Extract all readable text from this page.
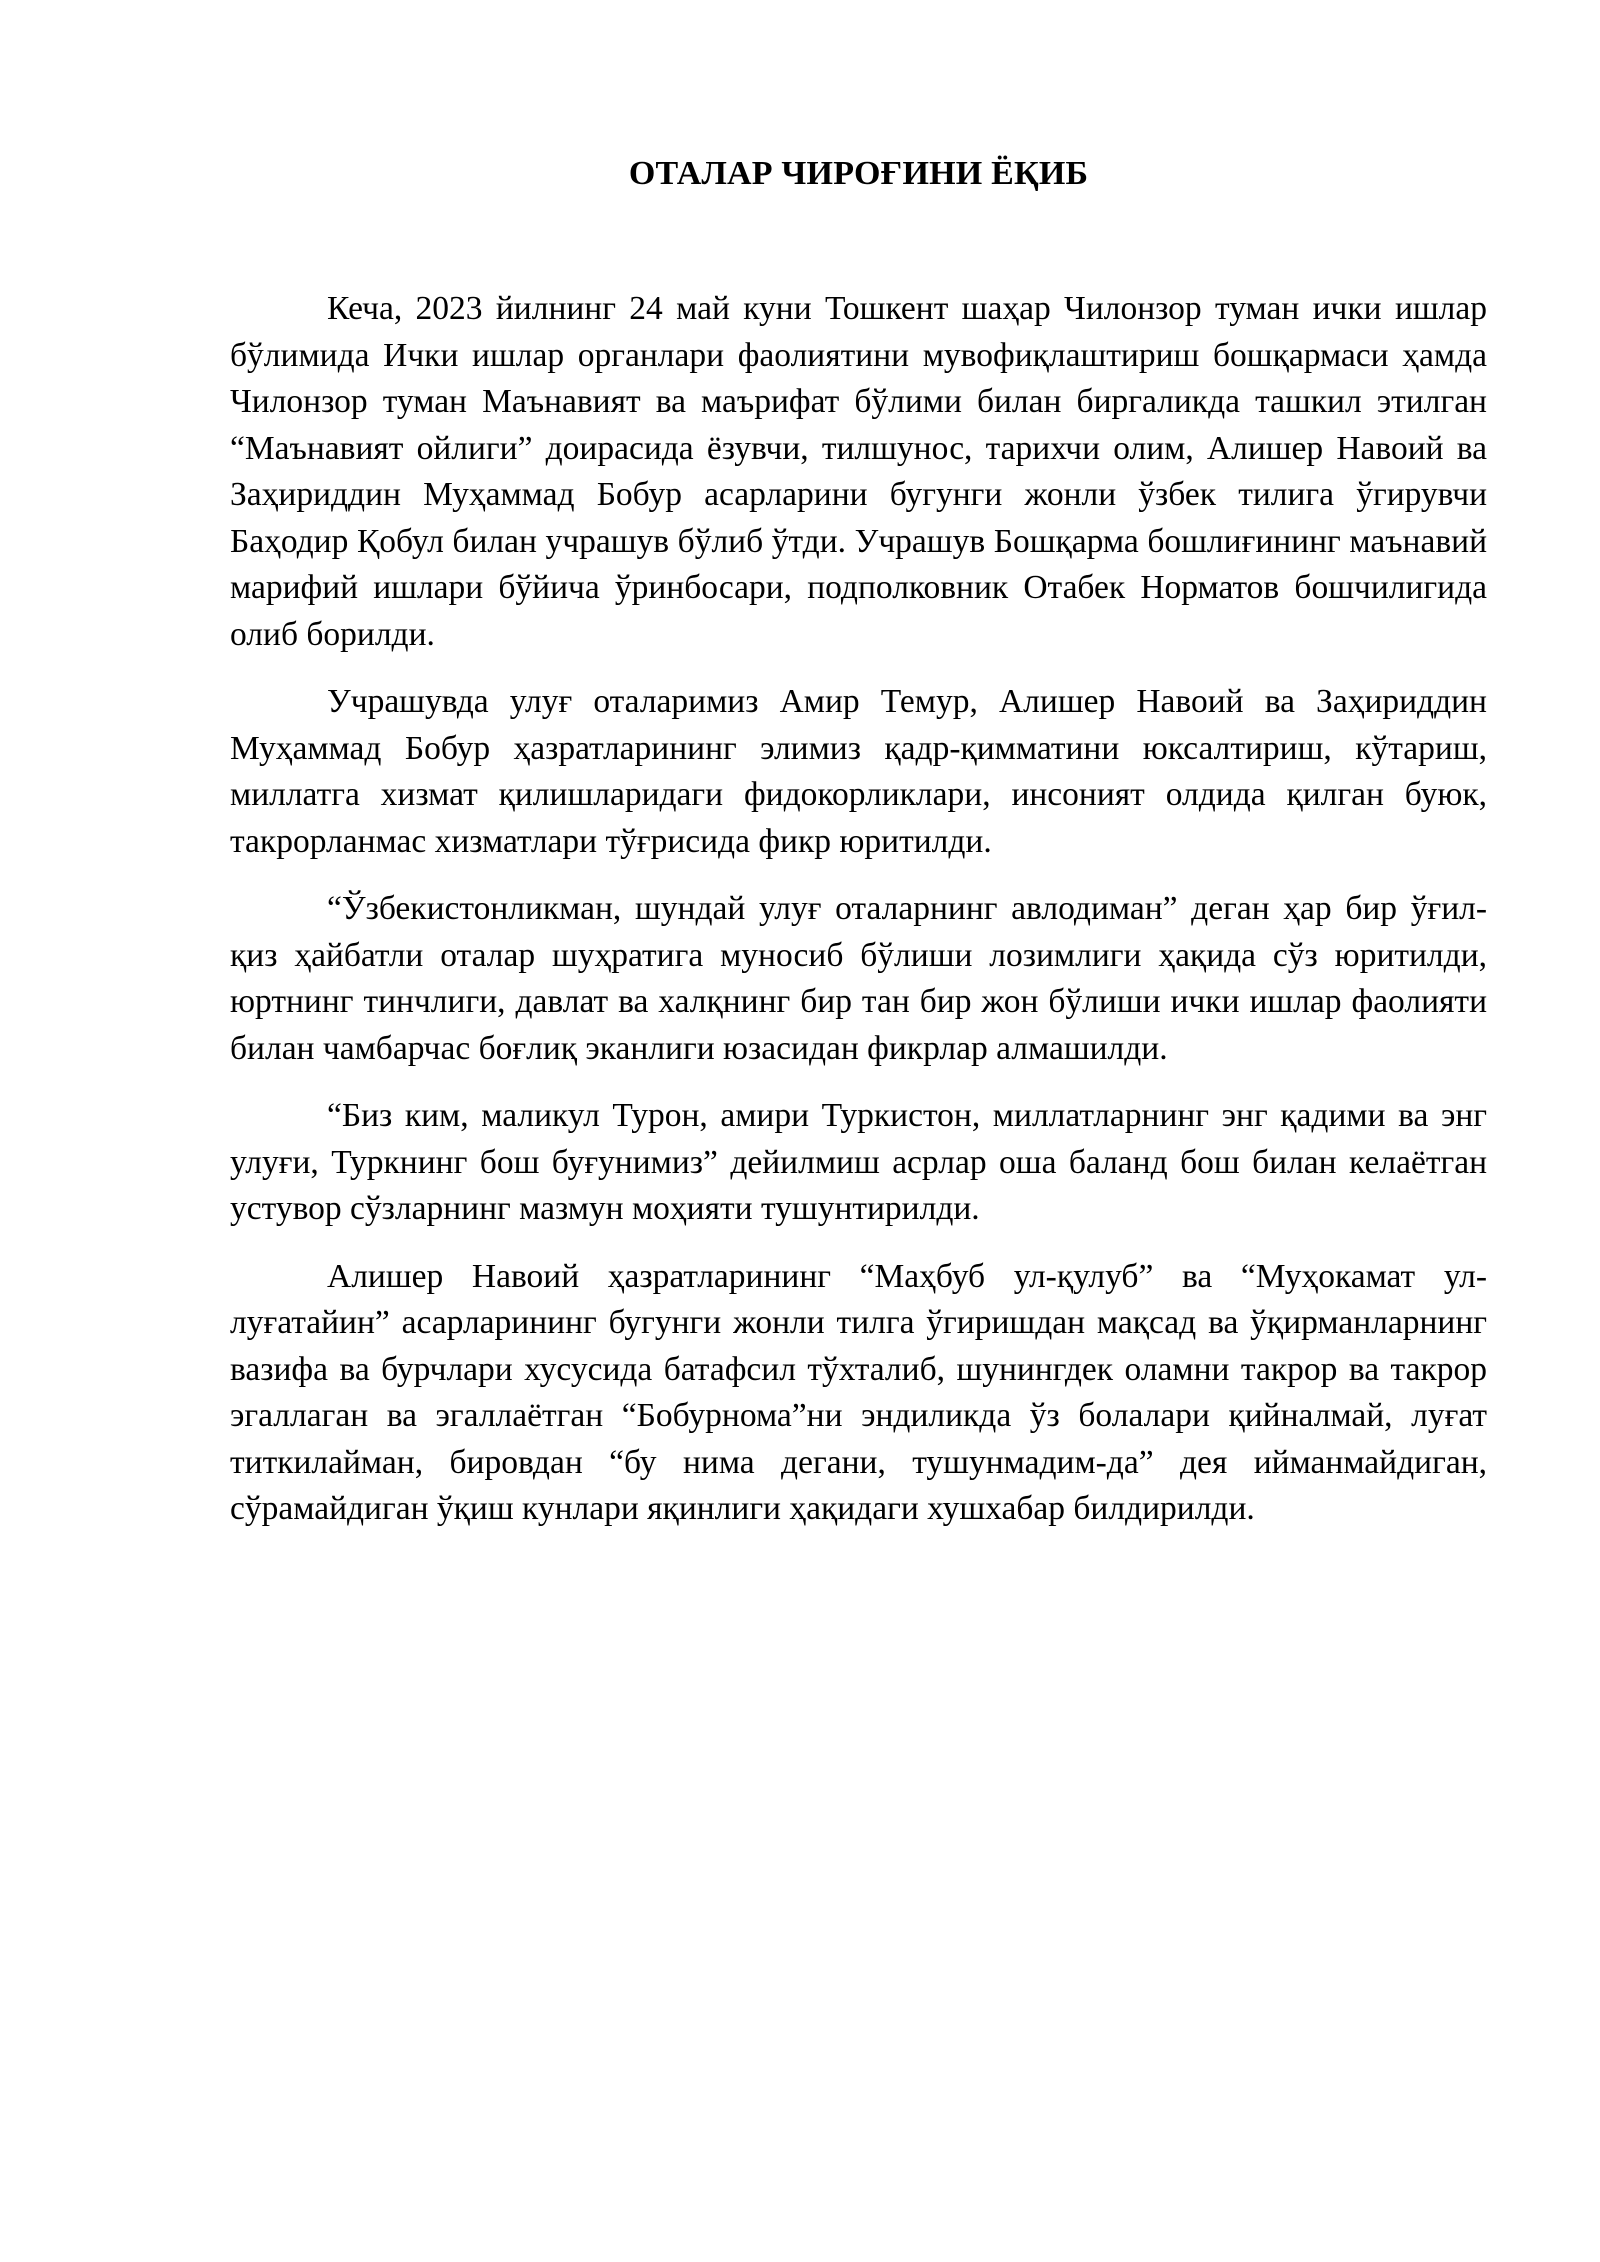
ОТАЛАР ЧИРОҒИНИ ЁҚИБ

Кеча, 2023 йилнинг 24 май куни Тошкент шаҳар Чилонзор туман ички ишлар бўлимида Ички ишлар органлари фаолиятини мувофиқлаштириш бошқармаси ҳамда Чилонзор туман Маънавият ва маърифат бўлими билан биргаликда ташкил этилган “Маънавият ойлиги” доирасида ёзувчи, тилшунос, тарихчи олим, Алишер Навоий ва Заҳириддин Муҳаммад Бобур асарларини бугунги жонли ўзбек тилига ўгирувчи Баҳодир Қобул билан учрашув бўлиб ўтди. Учрашув Бошқарма бошлиғининг маънавий марифий ишлари бўйича ўринбосари, подполковник Отабек Норматов бошчилигида олиб борилди.

Учрашувда улуғ оталаримиз Амир Темур, Алишер Навоий ва Заҳириддин Муҳаммад Бобур ҳазратларининг элимиз қадр-қимматини юксалтириш, кўтариш, миллатга хизмат қилишларидаги фидокорликлари, инсоният олдида қилган буюк, такрорланмас хизматлари тўғрисида фикр юритилди.

“Ўзбекистонликман, шундай улуғ оталарнинг авлодиман” деган ҳар бир ўғил-қиз ҳайбатли оталар шуҳратига муносиб бўлиши лозимлиги ҳақида сўз юритилди, юртнинг тинчлиги, давлат ва халқнинг бир тан бир жон бўлиши ички ишлар фаолияти билан чамбарчас боғлиқ эканлиги юзасидан фикрлар алмашилди.

“Биз ким, маликул Турон, амири Туркистон, миллатларнинг энг қадими ва энг улуғи, Туркнинг бош буғунимиз” дейилмиш асрлар оша баланд бош билан келаётган устувор сўзларнинг мазмун моҳияти тушунтирилди.

Алишер Навоий ҳазратларининг “Маҳбуб ул-қулуб” ва “Муҳокамат ул-луғатайин” асарларининг бугунги жонли тилга ўгиришдан мақсад ва ўқирманларнинг вазифа ва бурчлари хусусида батафсил тўхталиб, шунингдек оламни такрор ва такрор эгаллаган ва эгаллаётган “Бобурнома”ни эндиликда ўз болалари қийналмай, луғат титкилайман, бировдан “бу нима дегани, тушунмадим-да” дея ийманмайдиган, сўрамайдиган ўқиш кунлари яқинлиги ҳақидаги хушхабар билдирилди.
